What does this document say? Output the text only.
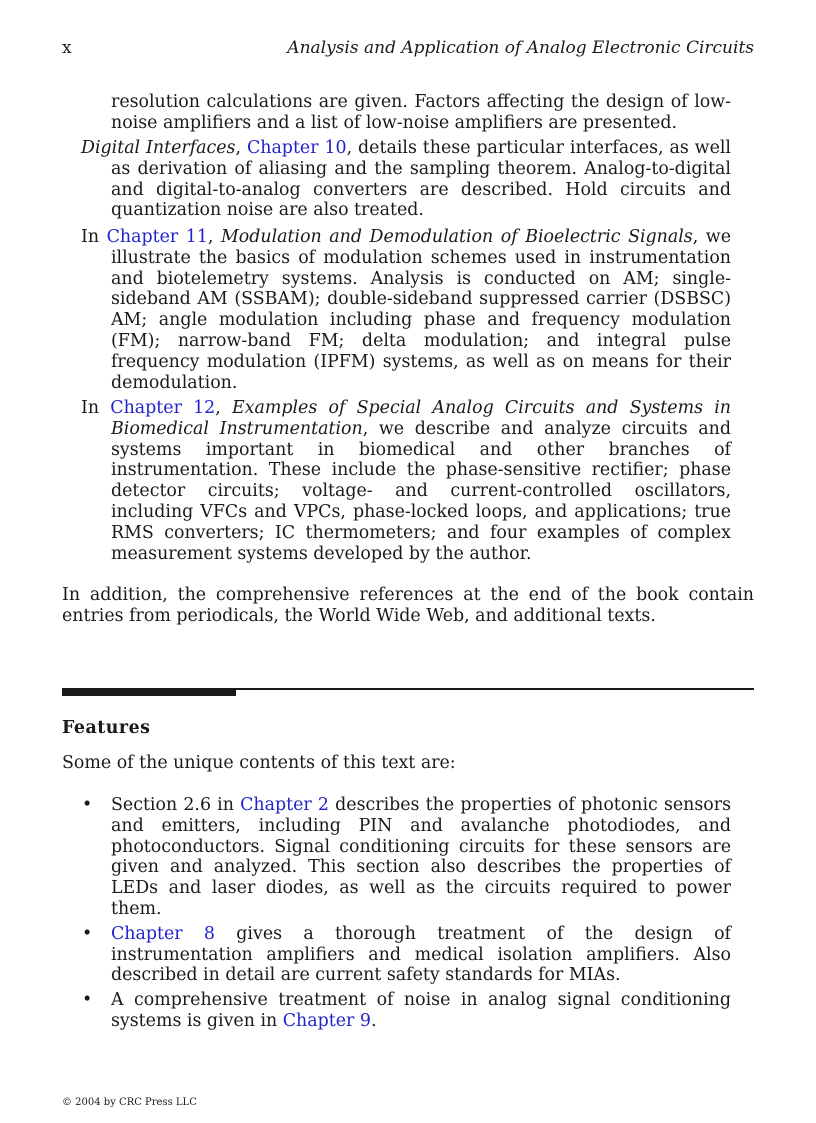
x	Analysis and Application of Analog Electronic Circuits
resolution calculations are given. Factors affecting the design of low-noise amplifiers and a list of low-noise amplifiers are presented.
Digital Interfaces, Chapter 10, details these particular interfaces, as well as derivation of aliasing and the sampling theorem. Analog-to-digital and digital-to-analog converters are described. Hold circuits and quantization noise are also treated.
In Chapter 11, Modulation and Demodulation of Bioelectric Signals, we illustrate the basics of modulation schemes used in instrumentation and biotelemetry systems. Analysis is conducted on AM; single-sideband AM (SSBAM); double-sideband suppressed carrier (DSBSC) AM; angle modulation including phase and frequency modulation (FM); narrow-band FM; delta modulation; and integral pulse frequency modulation (IPFM) systems, as well as on means for their demodulation.
In Chapter 12, Examples of Special Analog Circuits and Systems in Biomedical Instrumentation, we describe and analyze circuits and systems important in biomedical and other branches of instrumentation. These include the phase-sensitive rectifier; phase detector circuits; voltage- and current-controlled oscillators, including VFCs and VPCs, phase-locked loops, and applications; true RMS converters; IC thermometers; and four examples of complex measurement systems developed by the author.
In addition, the comprehensive references at the end of the book contain entries from periodicals, the World Wide Web, and additional texts.
Features
Some of the unique contents of this text are:
• Section 2.6 in Chapter 2 describes the properties of photonic sensors and emitters, including PIN and avalanche photodiodes, and photoconductors. Signal conditioning circuits for these sensors are given and analyzed. This section also describes the properties of LEDs and laser diodes, as well as the circuits required to power them.
• Chapter 8 gives a thorough treatment of the design of instrumentation amplifiers and medical isolation amplifiers. Also described in detail are current safety standards for MIAs.
• A comprehensive treatment of noise in analog signal conditioning systems is given in Chapter 9.
© 2004 by CRC Press LLC
